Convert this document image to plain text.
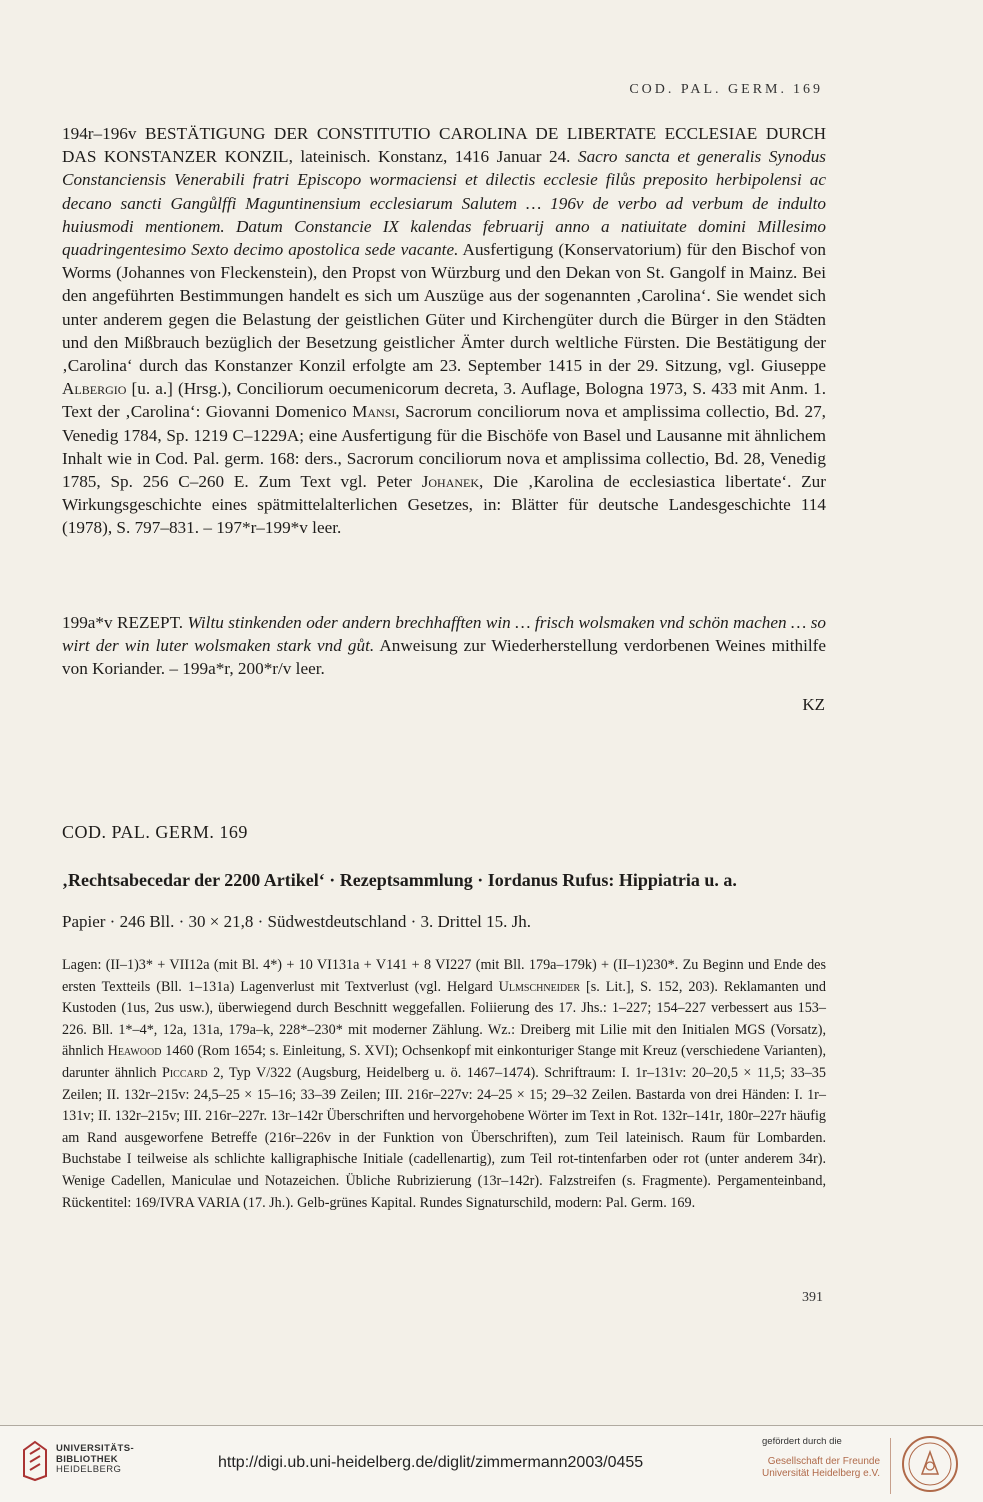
COD. PAL. GERM. 169
194r–196v BESTÄTIGUNG DER CONSTITUTIO CAROLINA DE LIBERTATE ECCLESIAE DURCH DAS KONSTANZER KONZIL, lateinisch. Konstanz, 1416 Januar 24. Sacro sancta et generalis Synodus Constanciensis Venerabili fratri Episcopo wormaciensi et dilectis ecclesie filůs preposito herbipolensi ac decano sancti Gangůlffi Maguntinensium ecclesiarum Salutem … 196v de verbo ad verbum de indulto huiusmodi mentionem. Datum Constancie IX kalendas februarij anno a natiuitate domini Millesimo quadringentesimo Sexto decimo apostolica sede vacante. Ausfertigung (Konservatorium) für den Bischof von Worms (Johannes von Fleckenstein), den Propst von Würzburg und den Dekan von St. Gangolf in Mainz. Bei den angeführten Bestimmungen handelt es sich um Auszüge aus der sogenannten ‚Carolina‘. Sie wendet sich unter anderem gegen die Belastung der geistlichen Güter und Kirchengüter durch die Bürger in den Städten und den Mißbrauch bezüglich der Besetzung geistlicher Ämter durch weltliche Fürsten. Die Bestätigung der ‚Carolina‘ durch das Konstanzer Konzil erfolgte am 23. September 1415 in der 29. Sitzung, vgl. Giuseppe Albergio [u. a.] (Hrsg.), Conciliorum oecumenicorum decreta, 3. Auflage, Bologna 1973, S. 433 mit Anm. 1. Text der ‚Carolina‘: Giovanni Domenico Mansi, Sacrorum conciliorum nova et amplissima collectio, Bd. 27, Venedig 1784, Sp. 1219 C–1229A; eine Ausfertigung für die Bischöfe von Basel und Lausanne mit ähnlichem Inhalt wie in Cod. Pal. germ. 168: ders., Sacrorum conciliorum nova et amplissima collectio, Bd. 28, Venedig 1785, Sp. 256 C–260 E. Zum Text vgl. Peter Johanek, Die ‚Karolina de ecclesiastica libertate‘. Zur Wirkungsgeschichte eines spätmittelalterlichen Gesetzes, in: Blätter für deutsche Landesgeschichte 114 (1978), S. 797–831. – 197*r–199*v leer.
199a*v REZEPT. Wiltu stinkenden oder andern brechhafften win … frisch wolsmaken vnd schön machen … so wirt der win luter wolsmaken stark vnd gůt. Anweisung zur Wiederherstellung verdorbenen Weines mithilfe von Koriander. – 199a*r, 200*r/v leer.
KZ
COD. PAL. GERM. 169
‚Rechtsabecedar der 2200 Artikel‘ · Rezeptsammlung · Iordanus Rufus: Hippiatria u. a.
Papier · 246 Bll. · 30 × 21,8 · Südwestdeutschland · 3. Drittel 15. Jh.
Lagen: (II–1)3* + VII12a (mit Bl. 4*) + 10 VI131a + V141 + 8 VI227 (mit Bll. 179a–179k) + (II–1)230*. Zu Beginn und Ende des ersten Textteils (Bll. 1–131a) Lagenverlust mit Textverlust (vgl. Helgard Ulmschneider [s. Lit.], S. 152, 203). Reklamanten und Kustoden (1us, 2us usw.), überwiegend durch Beschnitt weggefallen. Foliierung des 17. Jhs.: 1–227; 154–227 verbessert aus 153–226. Bll. 1*–4*, 12a, 131a, 179a–k, 228*–230* mit moderner Zählung. Wz.: Dreiberg mit Lilie mit den Initialen MGS (Vorsatz), ähnlich Heawood 1460 (Rom 1654; s. Einleitung, S. XVI); Ochsenkopf mit einkonturiger Stange mit Kreuz (verschiedene Varianten), darunter ähnlich Piccard 2, Typ V/322 (Augsburg, Heidelberg u. ö. 1467–1474). Schriftraum: I. 1r–131v: 20–20,5 × 11,5; 33–35 Zeilen; II. 132r–215v: 24,5–25 × 15–16; 33–39 Zeilen; III. 216r–227v: 24–25 × 15; 29–32 Zeilen. Bastarda von drei Händen: I. 1r–131v; II. 132r–215v; III. 216r–227r. 13r–142r Überschriften und hervorgehobene Wörter im Text in Rot. 132r–141r, 180r–227r häufig am Rand ausgeworfene Betreffe (216r–226v in der Funktion von Überschriften), zum Teil lateinisch. Raum für Lombarden. Buchstabe I teilweise als schlichte kalligraphische Initiale (cadellenartig), zum Teil rot-tintenfarben oder rot (unter anderem 34r). Wenige Cadellen, Maniculae und Notazeichen. Übliche Rubrizierung (13r–142r). Falzstreifen (s. Fragmente). Pergamenteinband, Rückentitel: 169/IVRA VARIA (17. Jh.). Gelb-grünes Kapital. Rundes Signaturschild, modern: Pal. Germ. 169.
391
UNIVERSITÄTS-
BIBLIOTHEK
HEIDELBERG	http://digi.ub.uni-heidelberg.de/diglit/zimmermann2003/0455
gefördert durch die
Gesellschaft der Freunde
Universität Heidelberg e.V.
